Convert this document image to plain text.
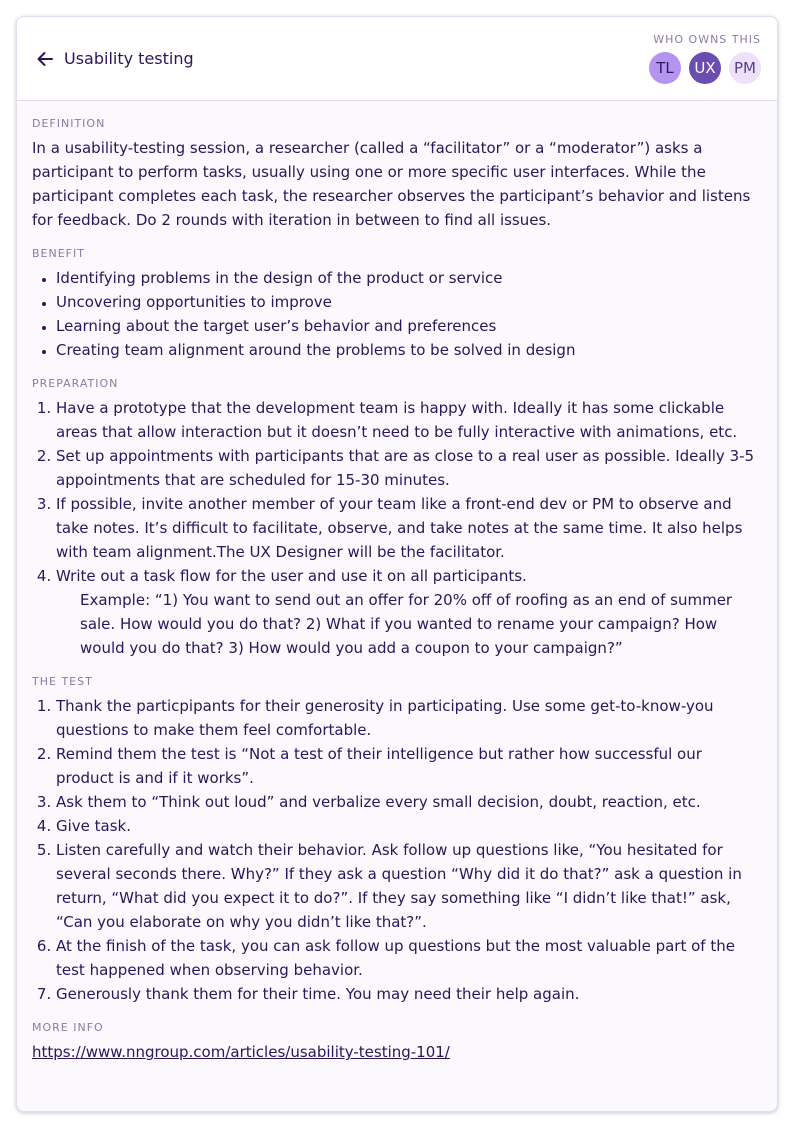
Usability testing
WHO OWNS THIS
TL	UX	PM
DEFINITION

In a usability-testing session, a researcher (called a “facilitator” or a “moderator”) asks a participant to perform tasks, usually using one or more specific user interfaces. While the participant completes each task, the researcher observes the participant’s behavior and listens for feedback. Do 2 rounds with iteration in between to find all issues.

BENEFIT
• Identifying problems in the design of the product or service
• Uncovering opportunities to improve
• Learning about the target user’s behavior and preferences
• Creating team alignment around the problems to be solved in design
PREPARATION
1. Have a prototype that the development team is happy with. Ideally it has some clickable areas that allow interaction but it doesn’t need to be fully interactive with animations, etc.
2. Set up appointments with participants that are as close to a real user as possible. Ideally 3-5 appointments that are scheduled for 15-30 minutes.
3. If possible, invite another member of your team like a front-end dev or PM to observe and take notes. It’s difficult to facilitate, observe, and take notes at the same time. It also helps with team alignment.The UX Designer will be the facilitator.
4. Write out a task flow for the user and use it on all participants.
Example: “1) You want to send out an offer for 20% off of roofing as an end of summer sale. How would you do that? 2) What if you wanted to rename your campaign? How would you do that? 3) How would you add a coupon to your campaign?”
THE TEST
1. Thank the particpipants for their generosity in participating. Use some get-to-know-you questions to make them feel comfortable.
2. Remind them the test is “Not a test of their intelligence but rather how successful our product is and if it works”.
3. Ask them to “Think out loud” and verbalize every small decision, doubt, reaction, etc.
4. Give task.
5. Listen carefully and watch their behavior. Ask follow up questions like, “You hesitated for several seconds there. Why?” If they ask a question “Why did it do that?” ask a question in return, “What did you expect it to do?”. If they say something like “I didn’t like that!” ask, “Can you elaborate on why you didn’t like that?”.
6. At the finish of the task, you can ask follow up questions but the most valuable part of the test happened when observing behavior.
7. Generously thank them for their time. You may need their help again.
MORE INFO
https://www.nngroup.com/articles/usability-testing-101/
